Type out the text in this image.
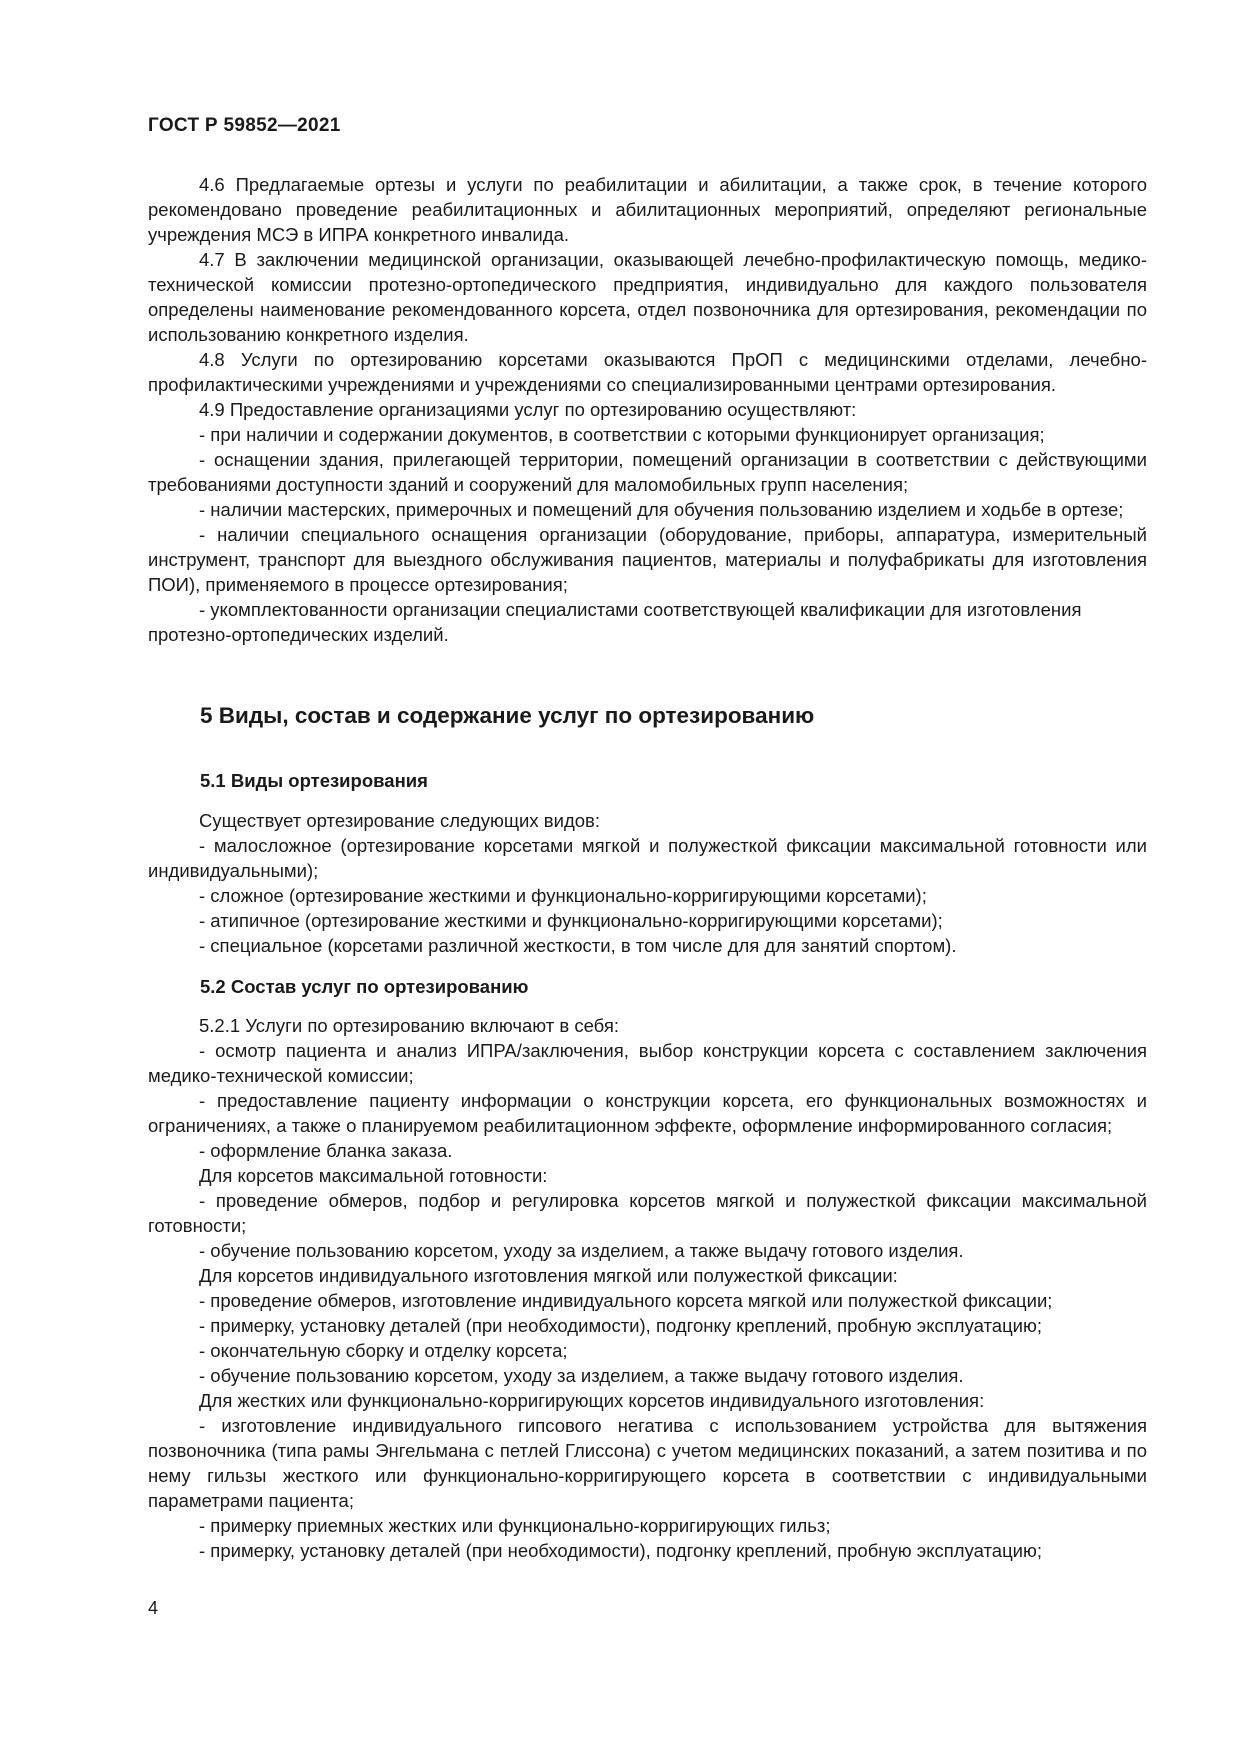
ГОСТ Р 59852—2021

4.6 Предлагаемые ортезы и услуги по реабилитации и абилитации, а также срок, в течение которого рекомендовано проведение реабилитационных и абилитационных мероприятий, определяют региональные учреждения МСЭ в ИПРА конкретного инвалида.

4.7 В заключении медицинской организации, оказывающей лечебно-профилактическую помощь, медико-технической комиссии протезно-ортопедического предприятия, индивидуально для каждого пользователя определены наименование рекомендованного корсета, отдел позвоночника для ортезирования, рекомендации по использованию конкретного изделия.

4.8 Услуги по ортезированию корсетами оказываются ПрОП с медицинскими отделами, лечебно-профилактическими учреждениями и учреждениями со специализированными центрами ортезирования.

4.9 Предоставление организациями услуг по ортезированию осуществляют:

- при наличии и содержании документов, в соответствии с которыми функционирует организация;

- оснащении здания, прилегающей территории, помещений организации в соответствии с действующими требованиями доступности зданий и сооружений для маломобильных групп населения;

- наличии мастерских, примерочных и помещений для обучения пользованию изделием и ходьбе в ортезе;

- наличии специального оснащения организации (оборудование, приборы, аппаратура, измерительный инструмент, транспорт для выездного обслуживания пациентов, материалы и полуфабрикаты для изготовления ПОИ), применяемого в процессе ортезирования;

- укомплектованности организации специалистами соответствующей квалификации для изготовления протезно-ортопедических изделий.

5 Виды, состав и содержание услуг по ортезированию
5.1 Виды ортезирования

Существует ортезирование следующих видов:

- малосложное (ортезирование корсетами мягкой и полужесткой фиксации максимальной готовности или индивидуальными);

- сложное (ортезирование жесткими и функционально-корригирующими корсетами);

- атипичное (ортезирование жесткими и функционально-корригирующими корсетами);

- специальное (корсетами различной жесткости, в том числе для для занятий спортом).

5.2 Состав услуг по ортезированию

5.2.1 Услуги по ортезированию включают в себя:

- осмотр пациента и анализ ИПРА/заключения, выбор конструкции корсета с составлением заключения медико-технической комиссии;

- предоставление пациенту информации о конструкции корсета, его функциональных возможностях и ограничениях, а также о планируемом реабилитационном эффекте, оформление информированного согласия;

- оформление бланка заказа.

Для корсетов максимальной готовности:

- проведение обмеров, подбор и регулировка корсетов мягкой и полужесткой фиксации максимальной готовности;

- обучение пользованию корсетом, уходу за изделием, а также выдачу готового изделия.

Для корсетов индивидуального изготовления мягкой или полужесткой фиксации:

- проведение обмеров, изготовление индивидуального корсета мягкой или полужесткой фиксации;

- примерку, установку деталей (при необходимости), подгонку креплений, пробную эксплуатацию;

- окончательную сборку и отделку корсета;

- обучение пользованию корсетом, уходу за изделием, а также выдачу готового изделия.

Для жестких или функционально-корригирующих корсетов индивидуального изготовления:

- изготовление индивидуального гипсового негатива с использованием устройства для вытяжения позвоночника (типа рамы Энгельмана с петлей Глиссона) с учетом медицинских показаний, а затем позитива и по нему гильзы жесткого или функционально-корригирующего корсета в соответствии с индивидуальными параметрами пациента;

- примерку приемных жестких или функционально-корригирующих гильз;

- примерку, установку деталей (при необходимости), подгонку креплений, пробную эксплуатацию;

4
